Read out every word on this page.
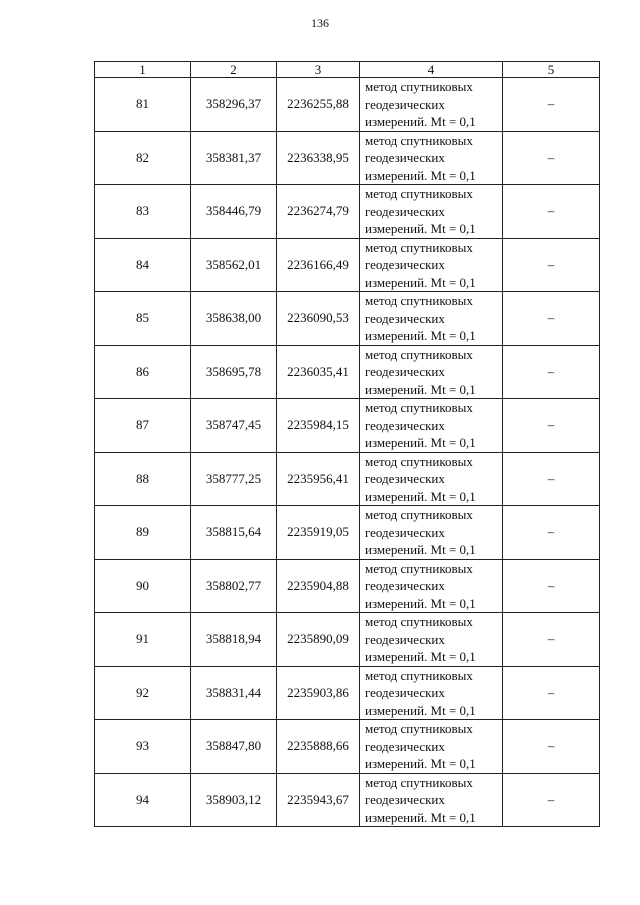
136
1	2	3	4	5
81	358296,37	2236255,88	метод спутниковых
геодезических
измерений. Mt = 0,1	–
82	358381,37	2236338,95	метод спутниковых
геодезических
измерений. Mt = 0,1	–
83	358446,79	2236274,79	метод спутниковых
геодезических
измерений. Mt = 0,1	–
84	358562,01	2236166,49	метод спутниковых
геодезических
измерений. Mt = 0,1	–
85	358638,00	2236090,53	метод спутниковых
геодезических
измерений. Mt = 0,1	–
86	358695,78	2236035,41	метод спутниковых
геодезических
измерений. Mt = 0,1	–
87	358747,45	2235984,15	метод спутниковых
геодезических
измерений. Mt = 0,1	–
88	358777,25	2235956,41	метод спутниковых
геодезических
измерений. Mt = 0,1	–
89	358815,64	2235919,05	метод спутниковых
геодезических
измерений. Mt = 0,1	–
90	358802,77	2235904,88	метод спутниковых
геодезических
измерений. Mt = 0,1	–
91	358818,94	2235890,09	метод спутниковых
геодезических
измерений. Mt = 0,1	–
92	358831,44	2235903,86	метод спутниковых
геодезических
измерений. Mt = 0,1	–
93	358847,80	2235888,66	метод спутниковых
геодезических
измерений. Mt = 0,1	–
94	358903,12	2235943,67	метод спутниковых
геодезических
измерений. Mt = 0,1	–
